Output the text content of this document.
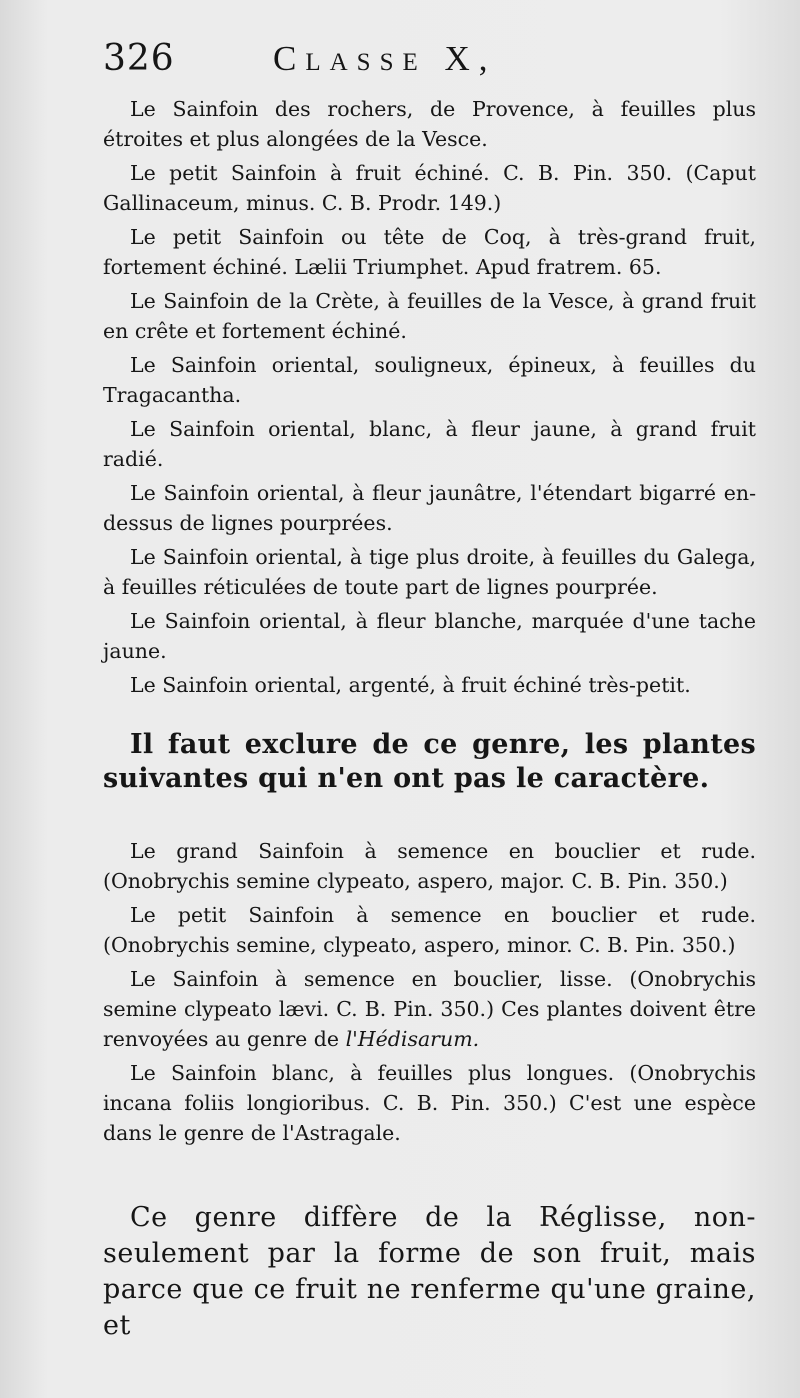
326	Classe X,

Le Sainfoin des rochers, de Provence, à feuilles plus étroites et plus alongées de la Vesce.

Le petit Sainfoin à fruit échiné. C. B. Pin. 350. (Caput Gallinaceum, minus. C. B. Prodr. 149.)

Le petit Sainfoin ou tête de Coq, à très-grand fruit, fortement échiné. Lælii Triumphet. Apud fratrem. 65.

Le Sainfoin de la Crète, à feuilles de la Vesce, à grand fruit en crête et fortement échiné.

Le Sainfoin oriental, souligneux, épineux, à feuilles du Tragacantha.

Le Sainfoin oriental, blanc, à fleur jaune, à grand fruit radié.

Le Sainfoin oriental, à fleur jaunâtre, l'étendart bigarré en-dessus de lignes pourprées.

Le Sainfoin oriental, à tige plus droite, à feuilles du Galega, à feuilles réticulées de toute part de lignes pourprée.

Le Sainfoin oriental, à fleur blanche, marquée d'une tache jaune.

Le Sainfoin oriental, argenté, à fruit échiné très-petit.

Il faut exclure de ce genre, les plantes suivantes qui n'en ont pas le caractère.

Le grand Sainfoin à semence en bouclier et rude. (Onobrychis semine clypeato, aspero, major. C. B. Pin. 350.)

Le petit Sainfoin à semence en bouclier et rude. (Onobrychis semine, clypeato, aspero, minor. C. B. Pin. 350.)

Le Sainfoin à semence en bouclier, lisse. (Onobrychis semine clypeato lævi. C. B. Pin. 350.) Ces plantes doivent être renvoyées au genre de l'Hédisarum.

Le Sainfoin blanc, à feuilles plus longues. (Onobrychis incana foliis longioribus. C. B. Pin. 350.) C'est une espèce dans le genre de l'Astragale.

Ce genre diffère de la Réglisse, non-seulement par la forme de son fruit, mais parce que ce fruit ne renferme qu'une graine, et
